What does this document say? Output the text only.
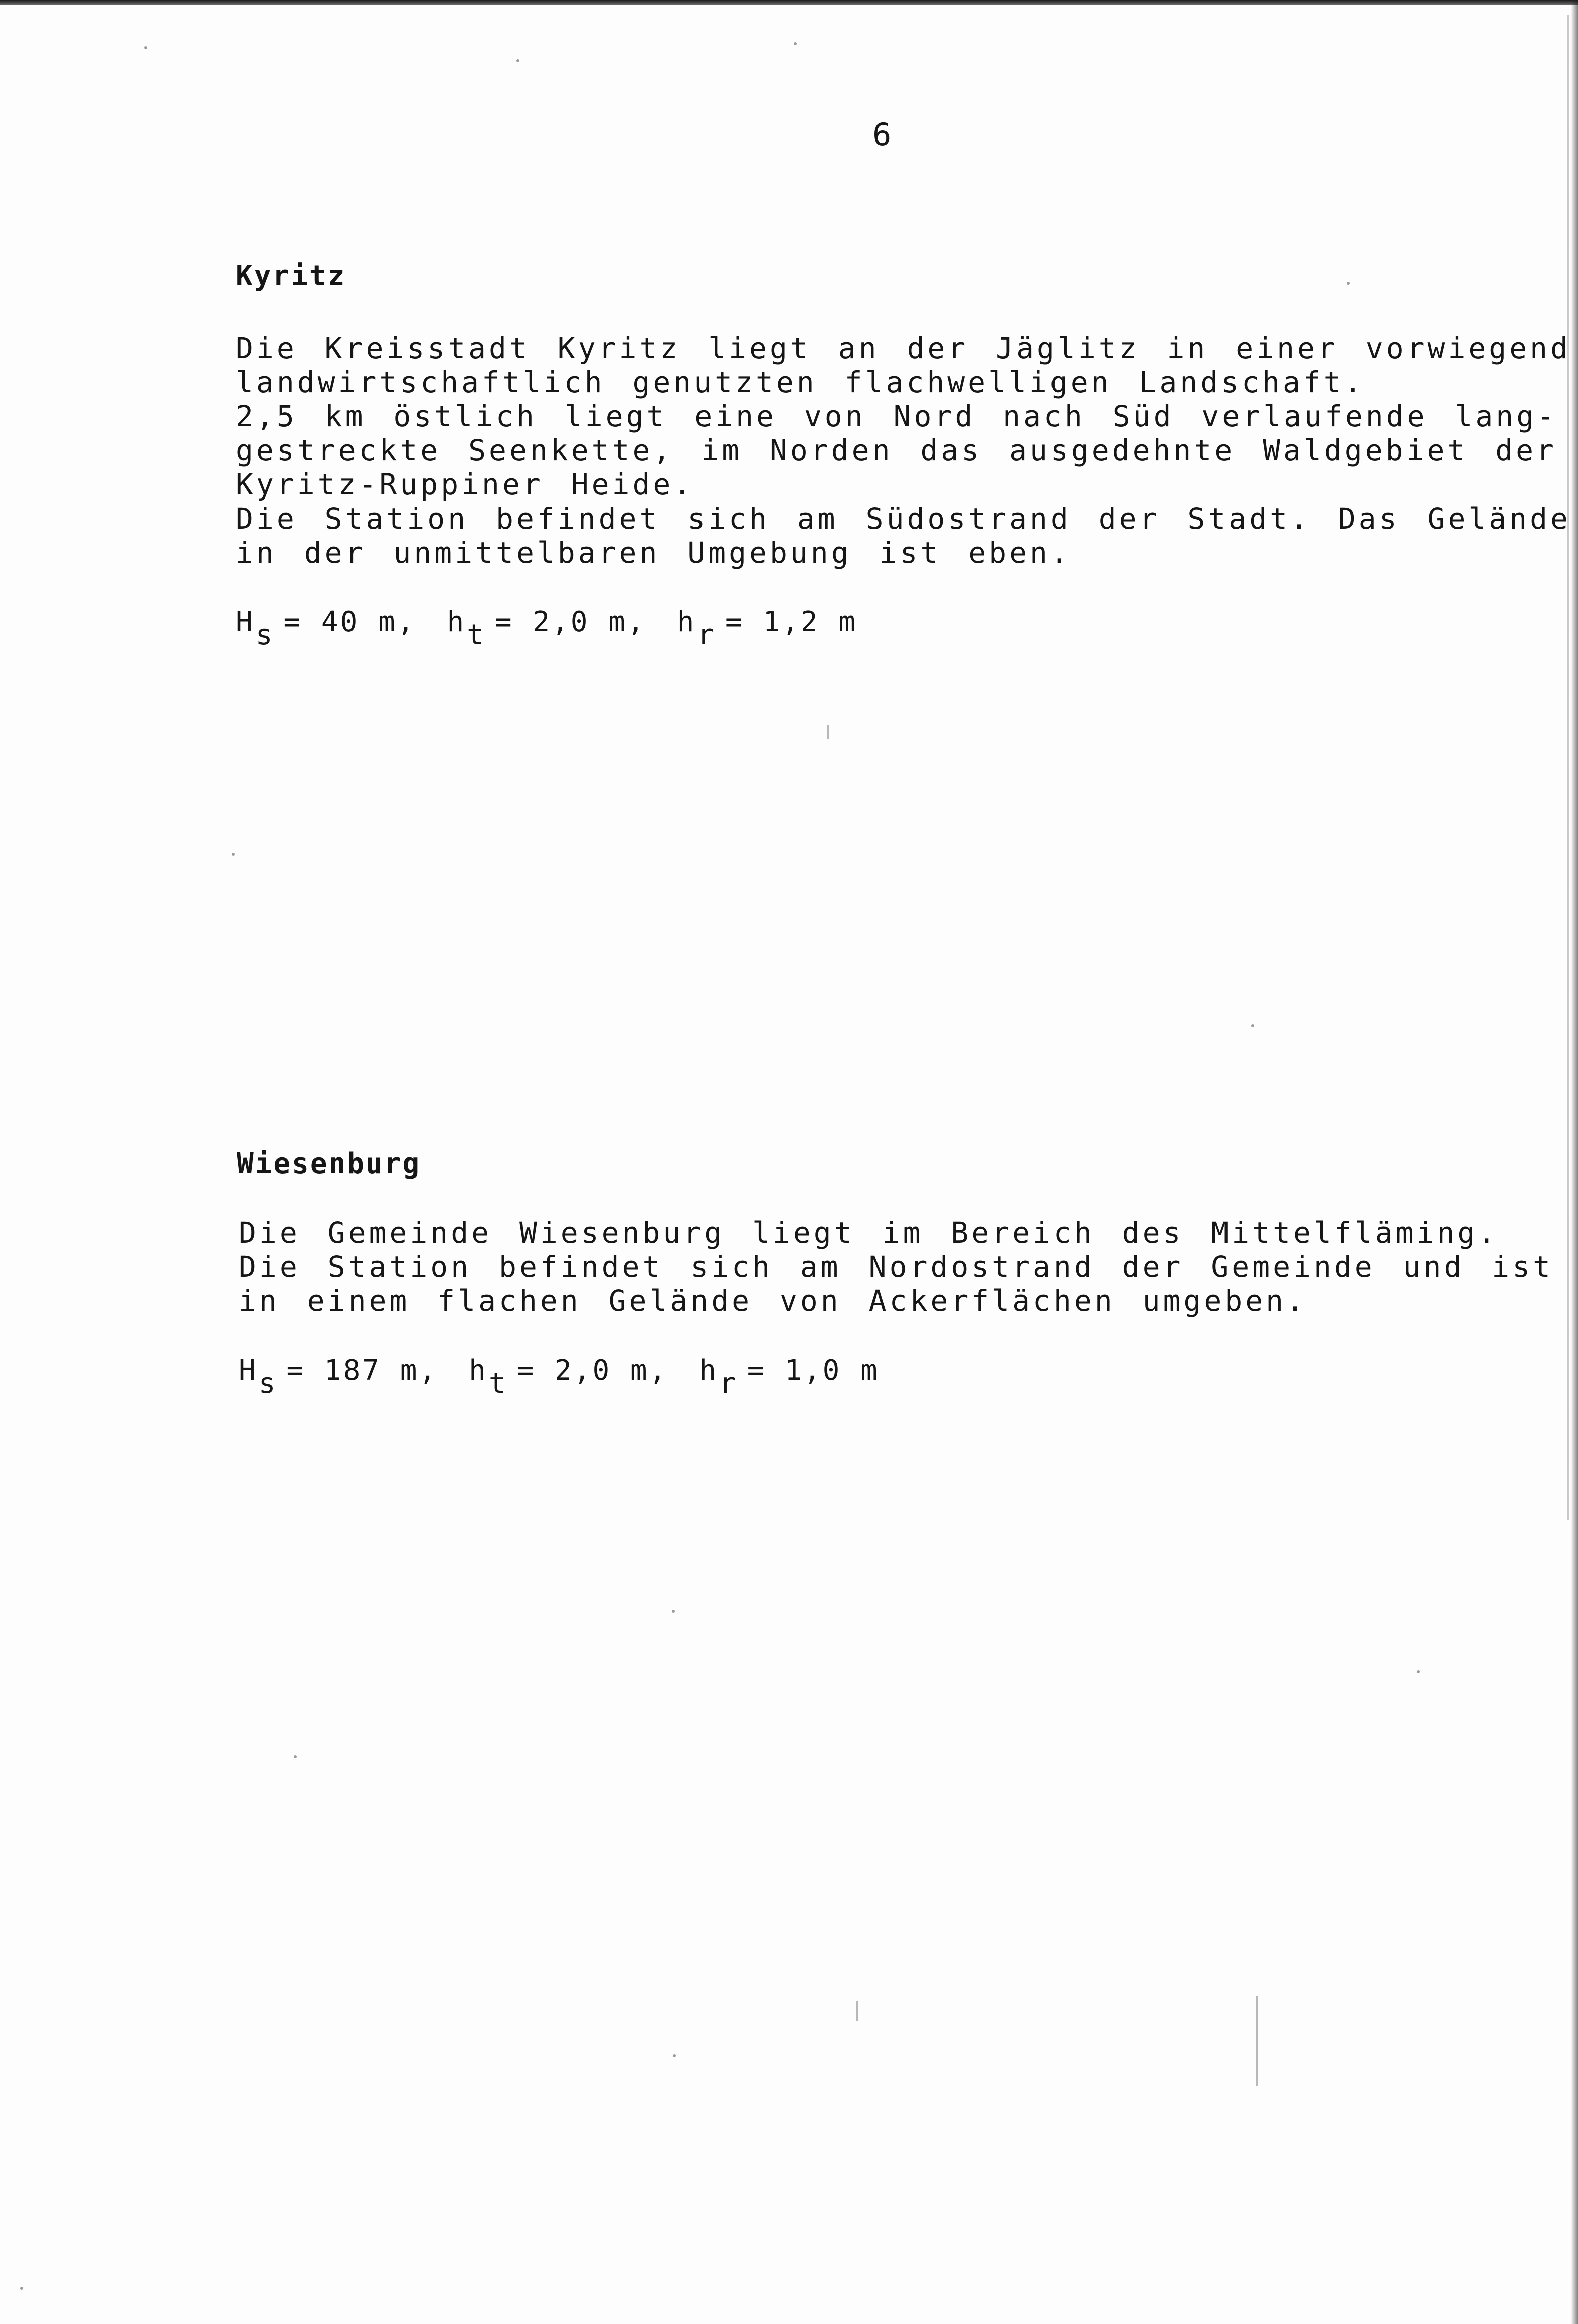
6
Kyritz
Die Kreisstadt Kyritz liegt an der Jäglitz in einer vorwiegend
landwirtschaftlich genutzten flachwelligen Landschaft.
2,5 km östlich liegt eine von Nord nach Süd verlaufende lang-
gestreckte Seenkette, im Norden das ausgedehnte Waldgebiet der
Kyritz-Ruppiner Heide.
Die Station befindet sich am Südostrand der Stadt. Das Gelände
in der unmittelbaren Umgebung ist eben.
$H_s = 40$ m, $h_t = 2,0$ m, $h_r = 1,2$ m
Wiesenburg
Die Gemeinde Wiesenburg liegt im Bereich des Mittelfläming.
Die Station befindet sich am Nordostrand der Gemeinde und ist
in einem flachen Gelände von Ackerflächen umgeben.
$H_s = 187$ m, $h_t = 2,0$ m, $h_r = 1,0$ m
